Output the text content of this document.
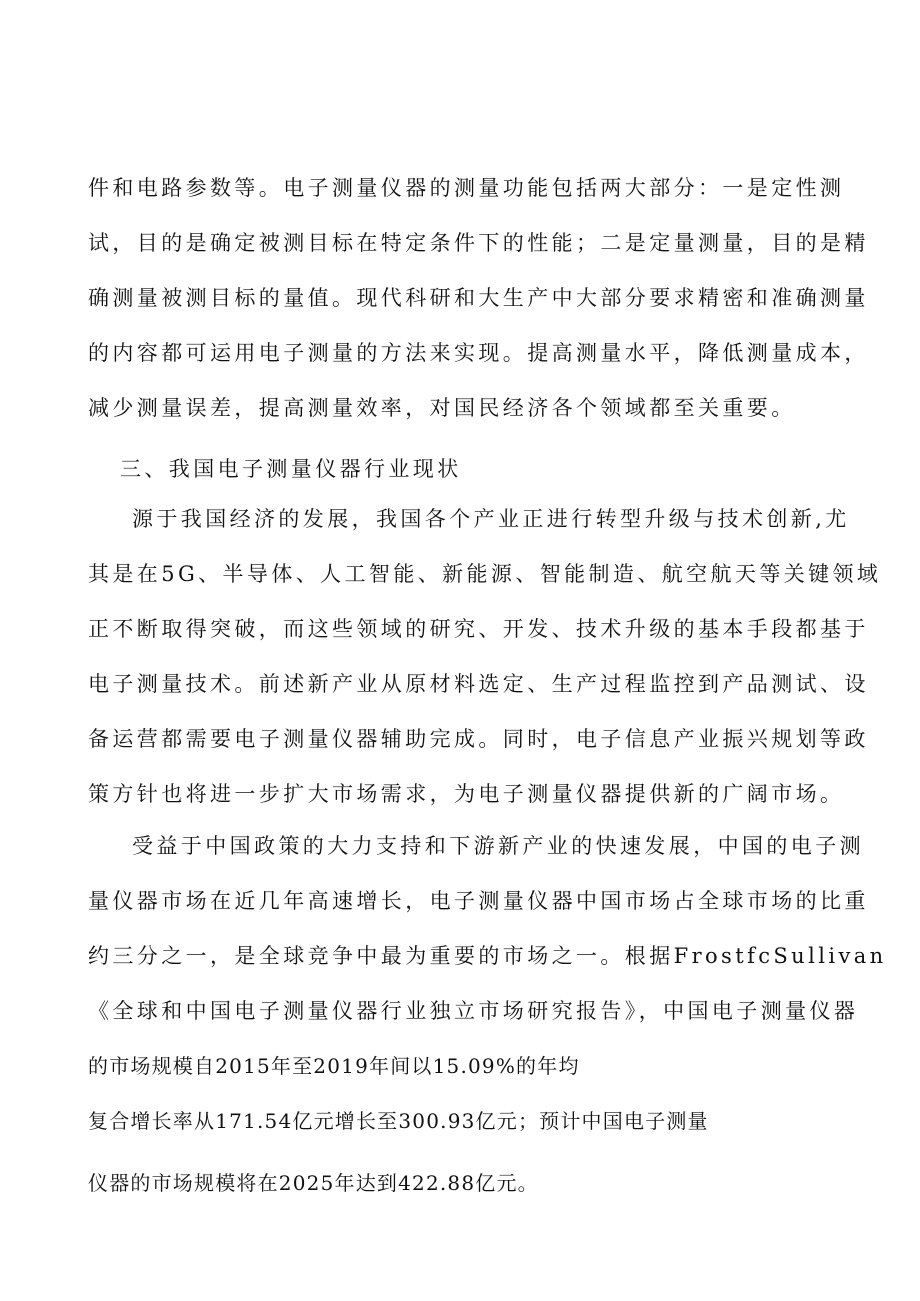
件和电路参数等。电子测量仪器的测量功能包括两大部分：一是定性测
试，目的是确定被测目标在特定条件下的性能；二是定量测量，目的是精
确测量被测目标的量值。现代科研和大生产中大部分要求精密和准确测量
的内容都可运用电子测量的方法来实现。提高测量水平，降低测量成本，
减少测量误差，提高测量效率，对国民经济各个领域都至关重要。
三、我国电子测量仪器行业现状
源于我国经济的发展，我国各个产业正进行转型升级与技术创新,尤
其是在5G、半导体、人工智能、新能源、智能制造、航空航天等关键领域
正不断取得突破，而这些领域的研究、开发、技术升级的基本手段都基于
电子测量技术。前述新产业从原材料选定、生产过程监控到产品测试、设
备运营都需要电子测量仪器辅助完成。同时，电子信息产业振兴规划等政
策方针也将进一步扩大市场需求，为电子测量仪器提供新的广阔市场。
受益于中国政策的大力支持和下游新产业的快速发展，中国的电子测
量仪器市场在近几年高速增长，电子测量仪器中国市场占全球市场的比重
约三分之一，是全球竞争中最为重要的市场之一。根据FrostfcSullivan
《全球和中国电子测量仪器行业独立市场研究报告》，中国电子测量仪器
的市场规模自2015年至2019年间以15.09%的年均
复合增长率从171.54亿元增长至300.93亿元；预计中国电子测量
仪器的市场规模将在2025年达到422.88亿元。
